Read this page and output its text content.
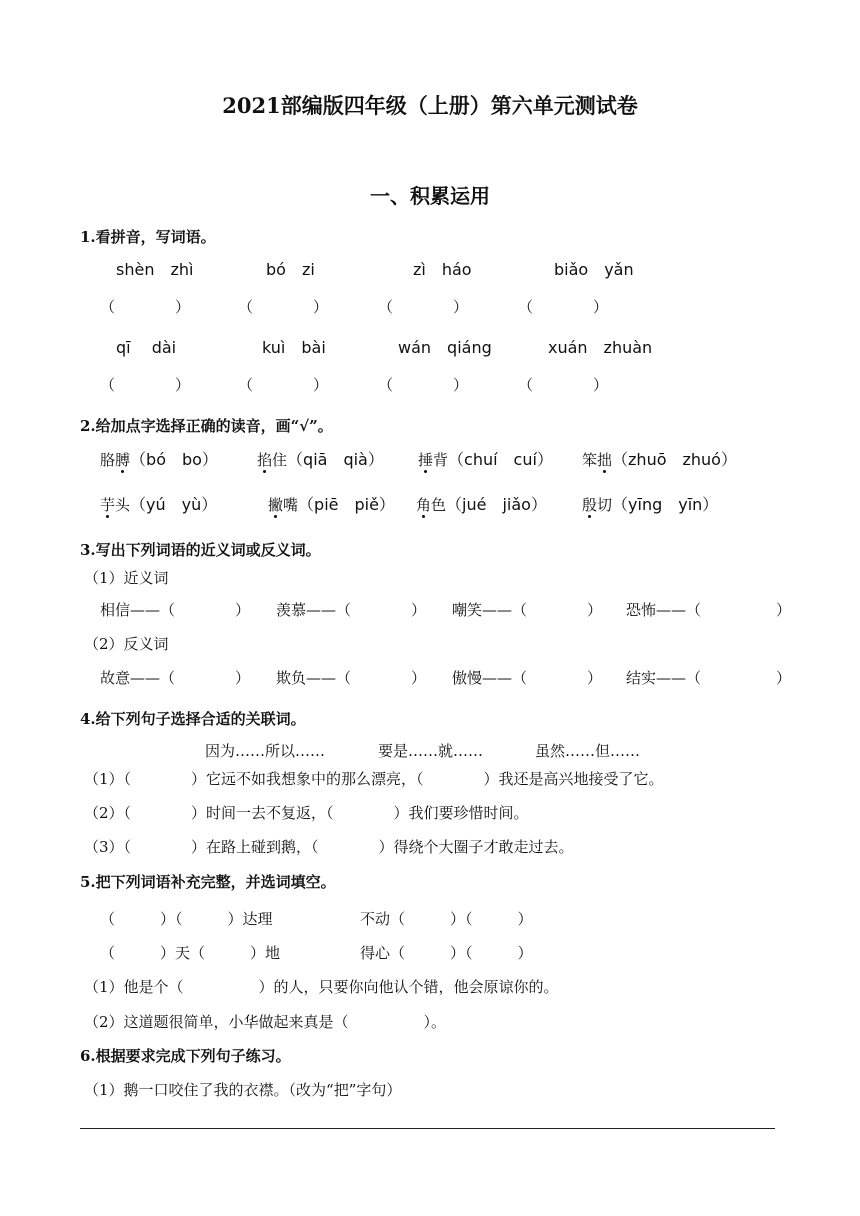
2021部编版四年级（上册）第六单元测试卷
一、积累运用
1.看拼音，写词语。
shèn　zhì	bó　zi	zì　háo	biǎo　yǎn
（　　　　）	（　　　　）	（　　　　）	（　　　　）
qī　 dài	kuì　bài	wán　qiáng	xuán　zhuàn
（　　　　）	（　　　　）	（　　　　）	（　　　　）
2.给加点字选择正确的读音，画“√”。
胳膊（bó　bo）	掐住（qiā　qià） 捶背（chuí　cuí） 笨拙（zhuō　zhuó）
芋头（yú　yù）	撇嘴（piē　piě） 角色（jué　jiǎo） 殷切（yīng　yīn）
3.写出下列词语的近义词或反义词。
（1）近义词
相信——（　　　　） 羡慕——（　　　　） 嘲笑——（　　　　） 恐怖——（　　　　　）
（2）反义词
故意——（　　　　） 欺负——（　　　　） 傲慢——（　　　　） 结实——（　　　　　）
4.给下列句子选择合适的关联词。
因为……所以……	要是……就……	虽然……但……
（1）（　　　　）它远不如我想象中的那么漂亮，（　　　　）我还是高兴地接受了它。
（2）（　　　　）时间一去不复返，（　　　　）我们要珍惜时间。
（3）（　　　　）在路上碰到鹅，（　　　　）得绕个大圈子才敢走过去。
5.把下列词语补充完整，并选词填空。
（　　　）（　　　）达理	不动（　　　）（　　　）
（　　　）天（　　　）地	得心（　　　）（　　　）
（1）他是个（　　　　　）的人，只要你向他认个错，他会原谅你的。
（2）这道题很简单，小华做起来真是（　　　　　）。
6.根据要求完成下列句子练习。
（1）鹅一口咬住了我的衣襟。（改为“把”字句）
